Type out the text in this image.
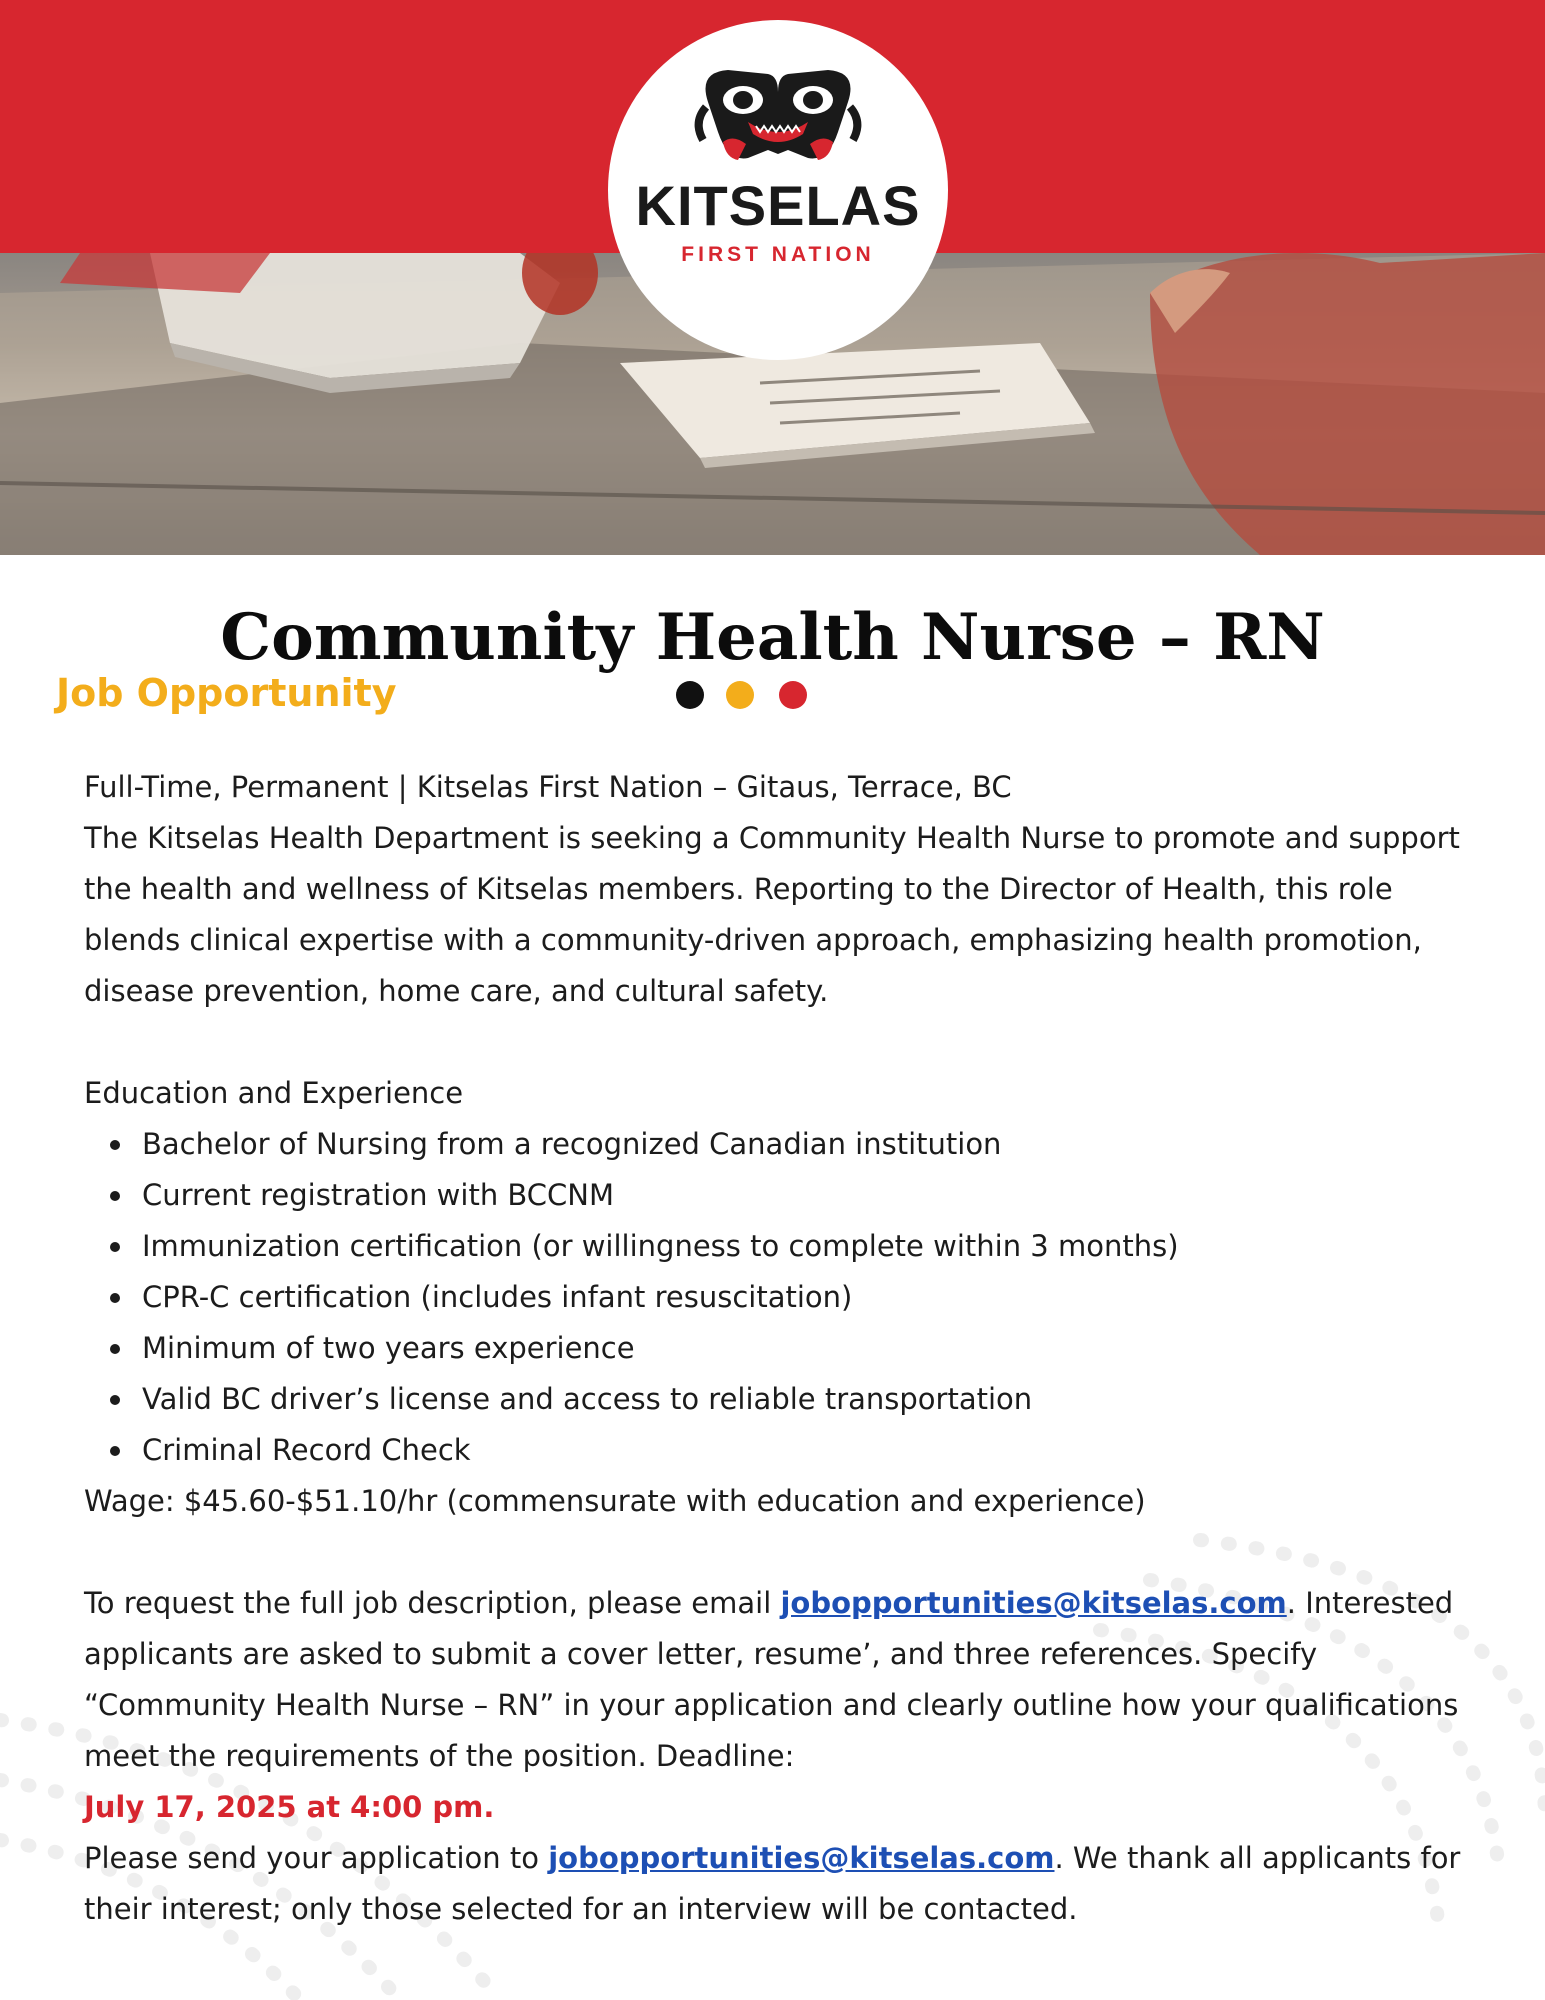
KITSELAS
FIRST NATION
Community Health Nurse – RN
Job Opportunity

Full-Time, Permanent | Kitselas First Nation – Gitaus, Terrace, BC

The Kitselas Health Department is seeking a Community Health Nurse to promote and support the health and wellness of Kitselas members. Reporting to the Director of Health, this role blends clinical expertise with a community-driven approach, emphasizing health promotion, disease prevention, home care, and cultural safety.

Education and Experience

Bachelor of Nursing from a recognized Canadian institution
Current registration with BCCNM
Immunization certification (or willingness to complete within 3 months)
CPR-C certification (includes infant resuscitation)
Minimum of two years experience
Valid BC driver’s license and access to reliable transportation
Criminal Record Check

Wage: $45.60-$51.10/hr (commensurate with education and experience)

To request the full job description, please email jobopportunities@kitselas.com. Interested applicants are asked to submit a cover letter, resume’, and three references. Specify “Community Health Nurse – RN” in your application and clearly outline how your qualifications meet the requirements of the position. Deadline:

July 17, 2025 at 4:00 pm.

Please send your application to jobopportunities@kitselas.com. We thank all applicants for their interest; only those selected for an interview will be contacted.
